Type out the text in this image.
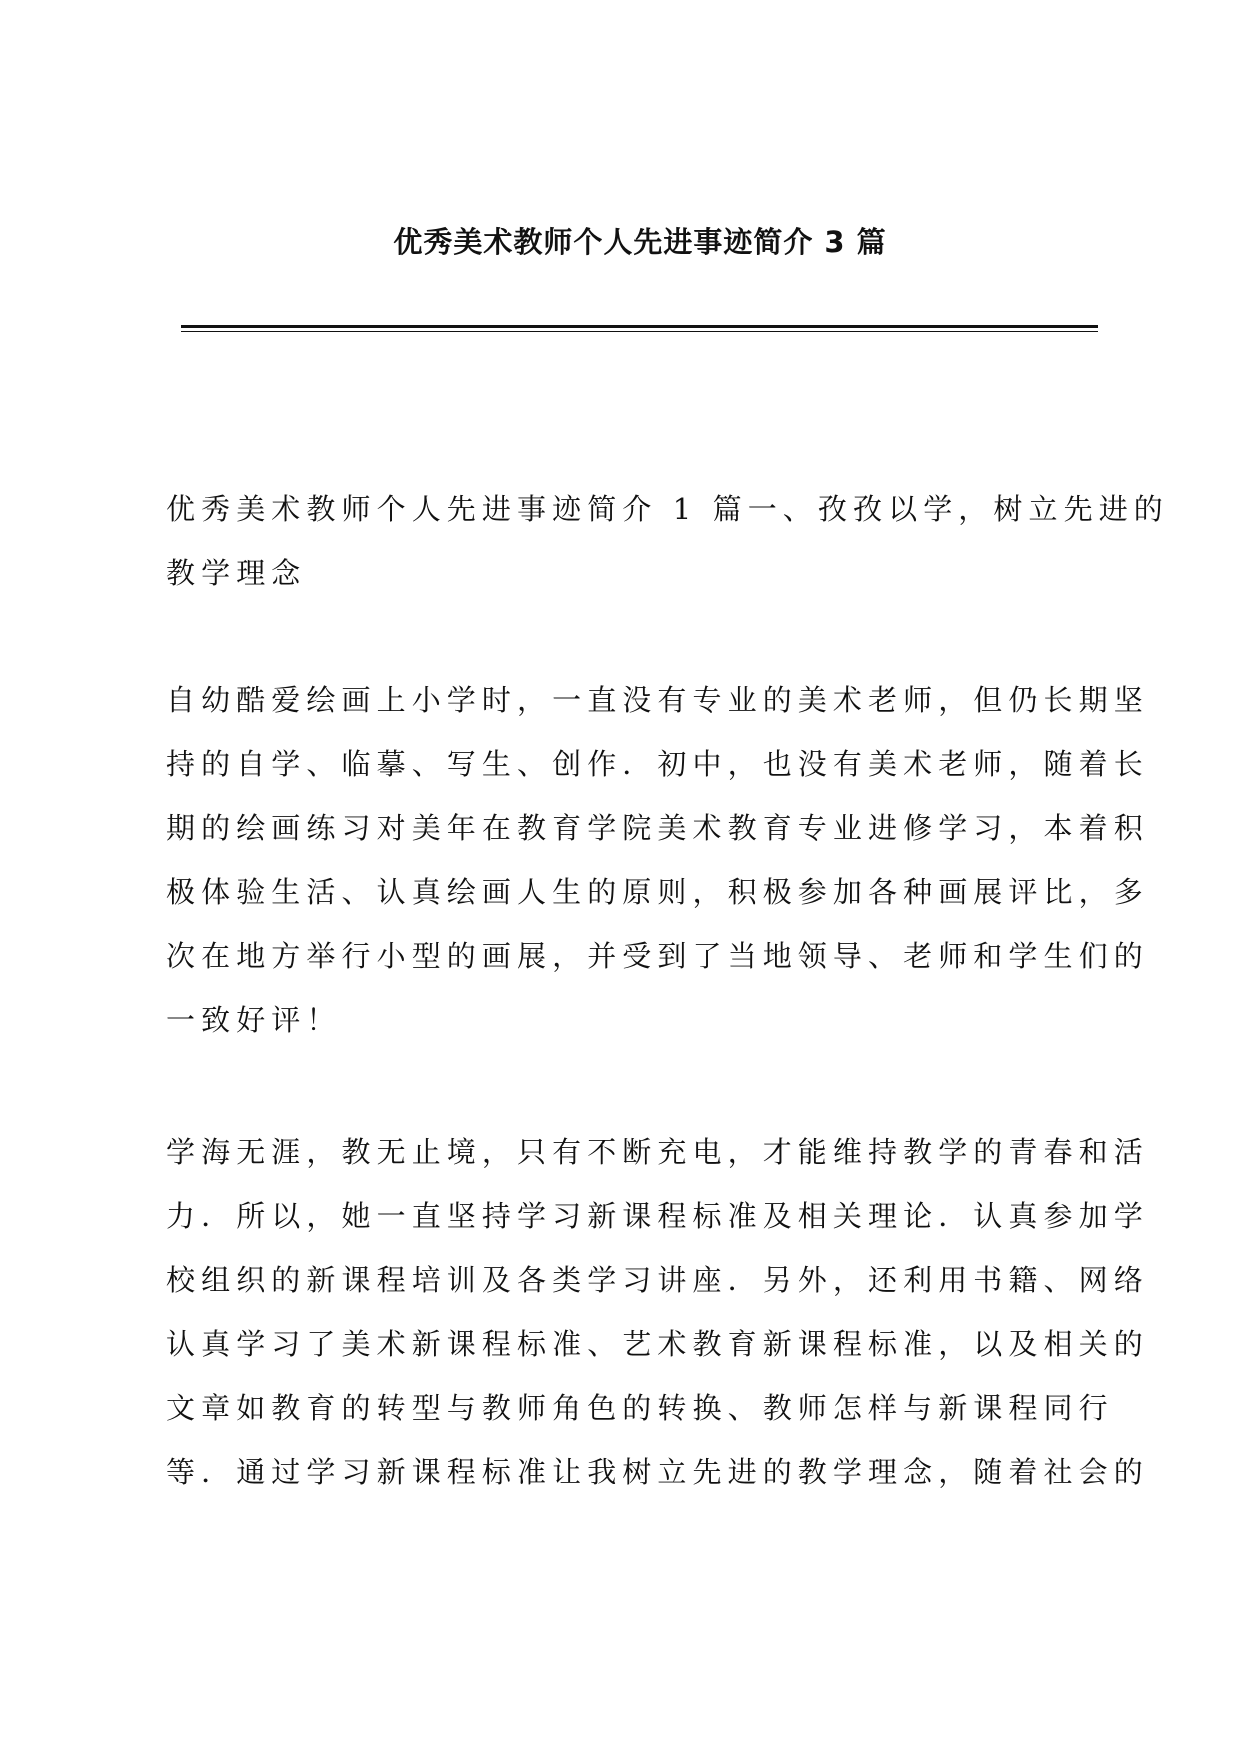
优秀美术教师个人先进事迹简介 3 篇
优秀美术教师个人先进事迹简介 1 篇一、孜孜以学，树立先进的
教学理念
自幼酷爱绘画上小学时，一直没有专业的美术老师，但仍长期坚
持的自学、临摹、写生、创作．初中，也没有美术老师，随着长
期的绘画练习对美年在教育学院美术教育专业进修学习，本着积
极体验生活、认真绘画人生的原则，积极参加各种画展评比，多
次在地方举行小型的画展，并受到了当地领导、老师和学生们的
一致好评！
学海无涯，教无止境，只有不断充电，才能维持教学的青春和活
力．所以，她一直坚持学习新课程标准及相关理论．认真参加学
校组织的新课程培训及各类学习讲座．另外，还利用书籍、网络
认真学习了美术新课程标准、艺术教育新课程标准，以及相关的
文章如教育的转型与教师角色的转换、教师怎样与新课程同行
等．通过学习新课程标准让我树立先进的教学理念，随着社会的
